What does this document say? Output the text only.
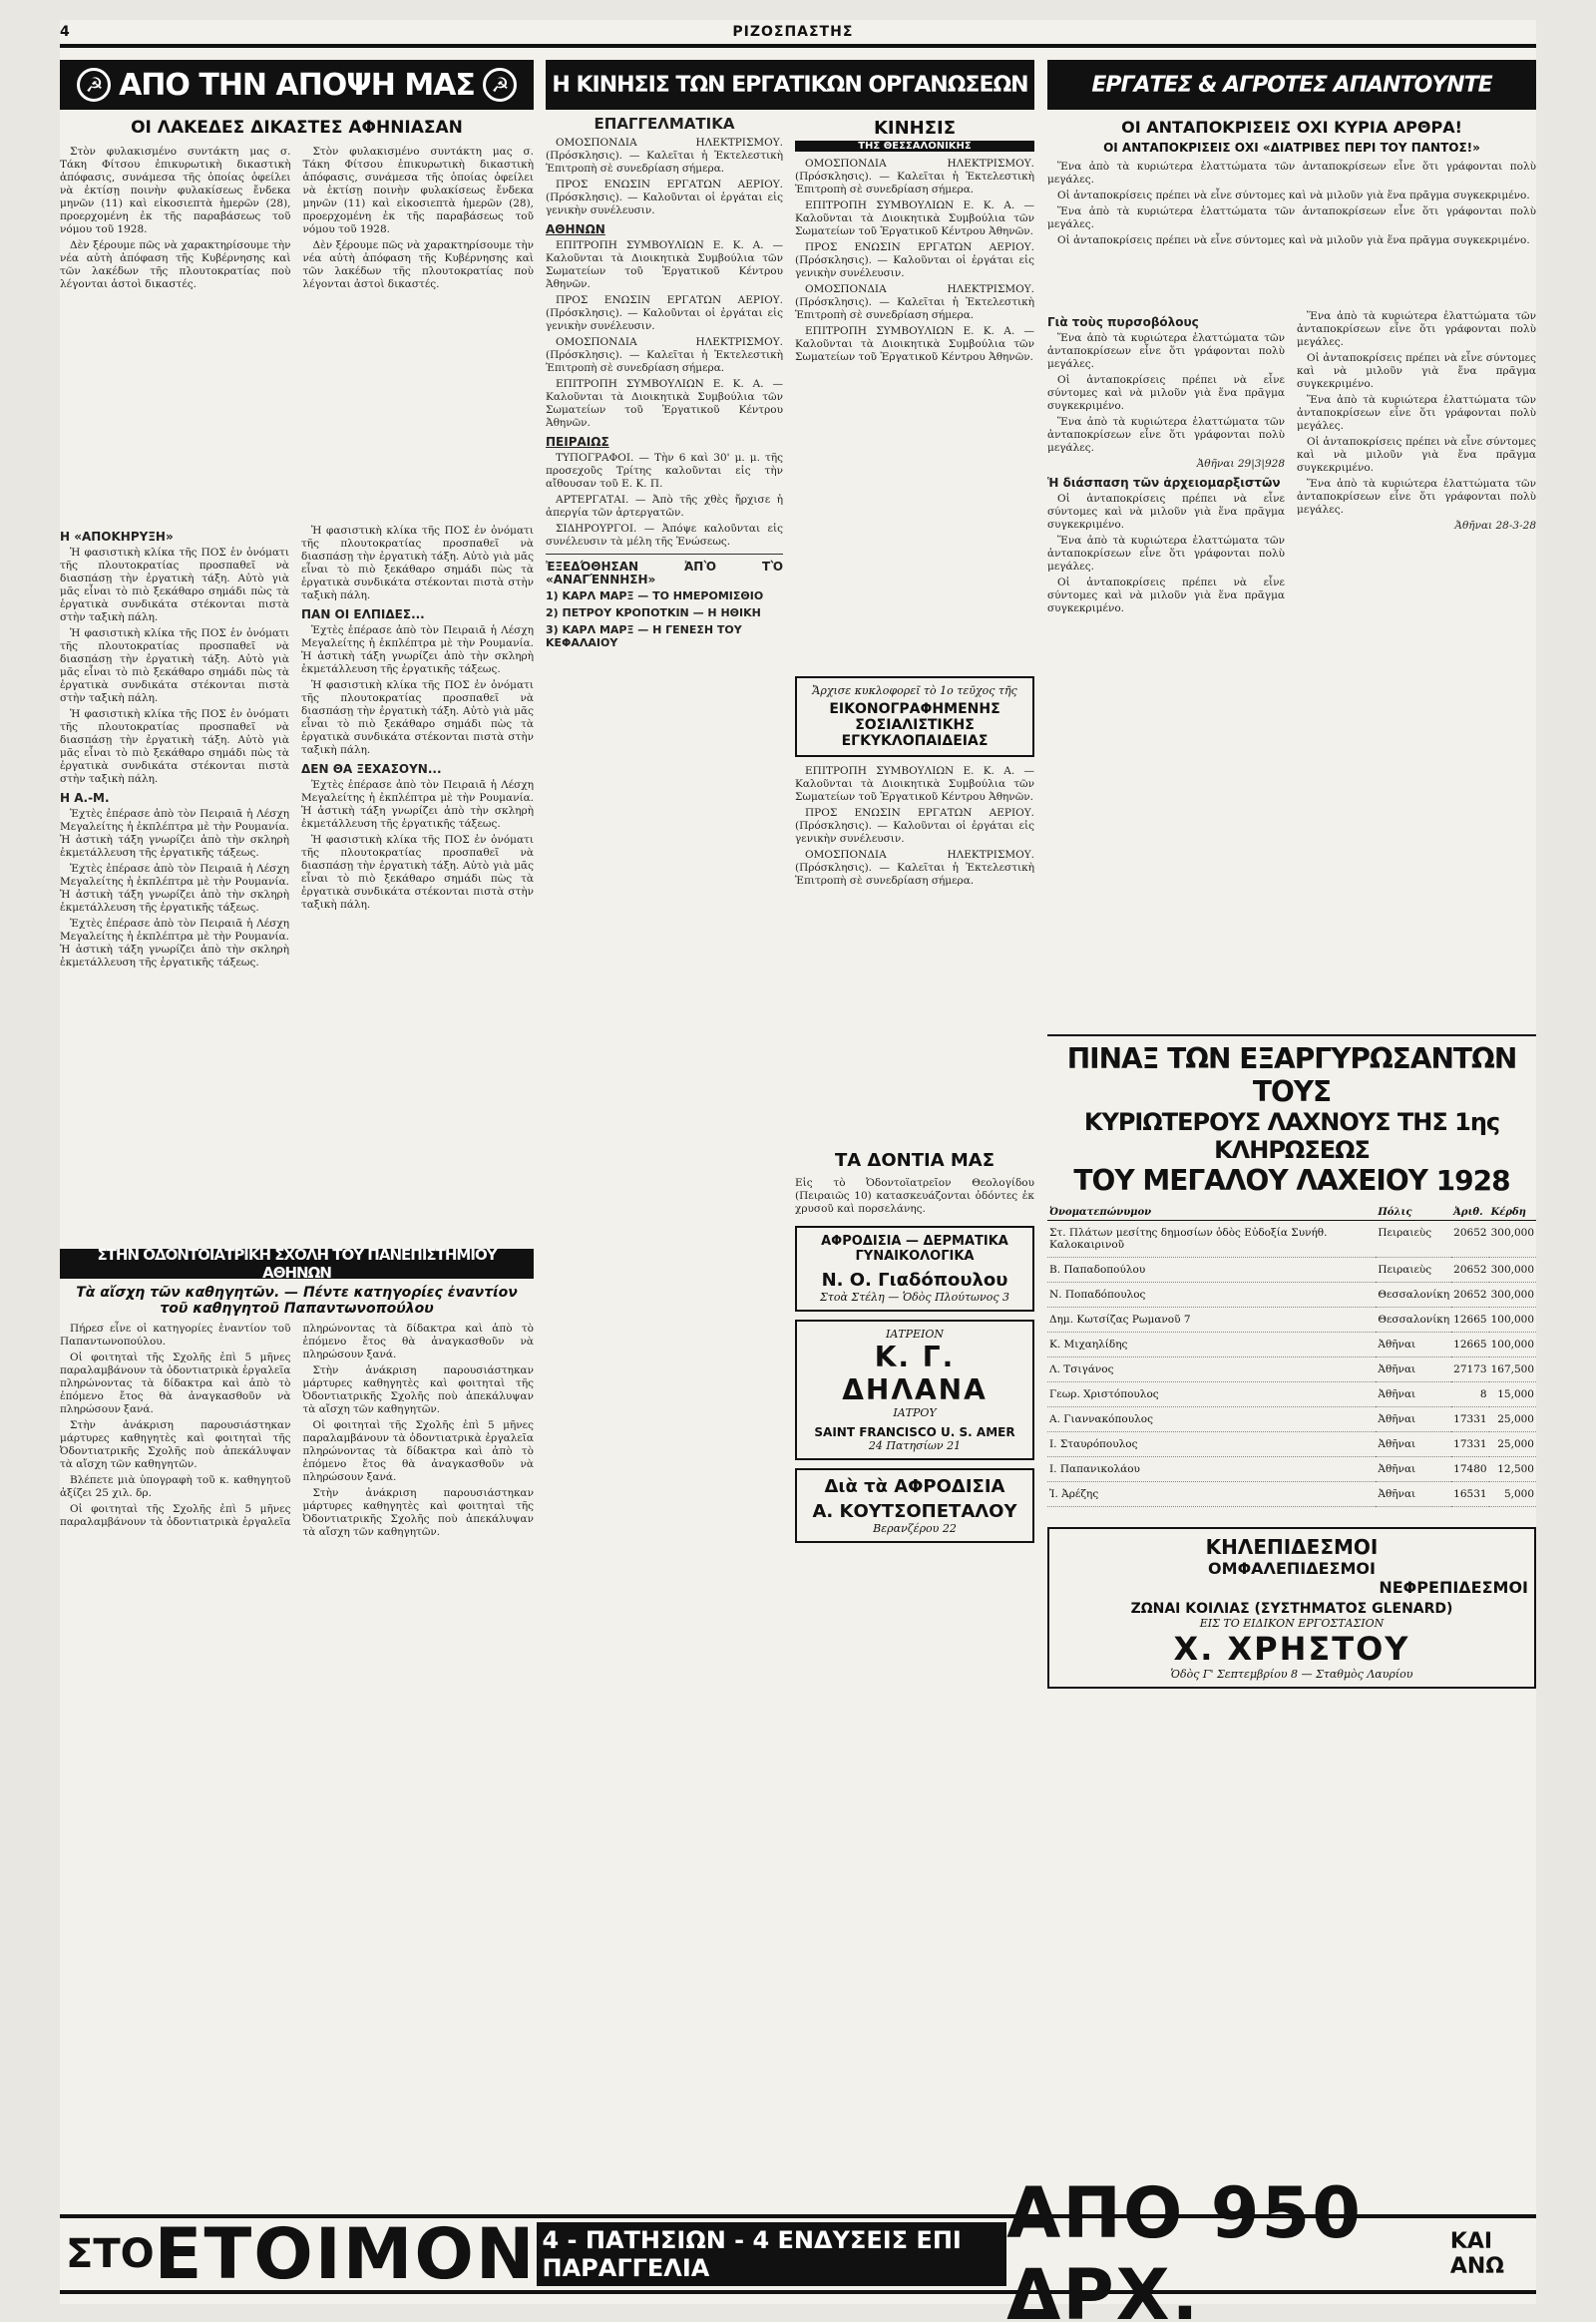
4	ΡΙΖΟΣΠΑΣΤΗΣ
☭ ΑΠΟ ΤΗΝ ΑΠΟΨΗ ΜΑΣ ☭
ΟΙ ΛΑΚΕΔΕΣ ΔΙΚΑΣΤΕΣ ΑΦΗΝΙΑΣΑΝ

Στὸν φυλακισμένο συντάκτη μας σ. Τάκη Φίτσου ἐπικυρωτικὴ δικαστικὴ ἀπόφασις, συνάμεσα τῆς ὁποίας ὀφείλει νὰ ἐκτίσῃ ποινὴν φυλακίσεως ἔνδεκα μηνῶν (11) καὶ εἰκοσιεπτὰ ἡμερῶν (28), προερχομένη ἐκ τῆς παραβάσεως τοῦ νόμου τοῦ 1928.

Δὲν ξέρουμε πῶς νὰ χαρακτηρίσουμε τὴν νέα αὐτὴ ἀπόφαση τῆς Κυβέρνησης καὶ τῶν λακέδων τῆς πλουτοκρατίας ποὺ λέγονται ἀστοὶ δικαστές.

Στὸν φυλακισμένο συντάκτη μας σ. Τάκη Φίτσου ἐπικυρωτικὴ δικαστικὴ ἀπόφασις, συνάμεσα τῆς ὁποίας ὀφείλει νὰ ἐκτίσῃ ποινὴν φυλακίσεως ἔνδεκα μηνῶν (11) καὶ εἰκοσιεπτὰ ἡμερῶν (28), προερχομένη ἐκ τῆς παραβάσεως τοῦ νόμου τοῦ 1928.

Δὲν ξέρουμε πῶς νὰ χαρακτηρίσουμε τὴν νέα αὐτὴ ἀπόφαση τῆς Κυβέρνησης καὶ τῶν λακέδων τῆς πλουτοκρατίας ποὺ λέγονται ἀστοὶ δικαστές.

Η «ΑΠΟΚΗΡΥΞΗ»

Ἡ φασιστικὴ κλίκα τῆς ΠΟΣ ἐν ὀνόματι τῆς πλουτοκρατίας προσπαθεῖ νὰ διασπάσῃ τὴν ἐργατικὴ τάξη. Αὐτὸ γιὰ μᾶς εἶναι τὸ πιὸ ξεκάθαρο σημάδι πὼς τὰ ἐργατικὰ συνδικάτα στέκονται πιστὰ στὴν ταξικὴ πάλη.

Ἡ φασιστικὴ κλίκα τῆς ΠΟΣ ἐν ὀνόματι τῆς πλουτοκρατίας προσπαθεῖ νὰ διασπάσῃ τὴν ἐργατικὴ τάξη. Αὐτὸ γιὰ μᾶς εἶναι τὸ πιὸ ξεκάθαρο σημάδι πὼς τὰ ἐργατικὰ συνδικάτα στέκονται πιστὰ στὴν ταξικὴ πάλη.

Ἡ φασιστικὴ κλίκα τῆς ΠΟΣ ἐν ὀνόματι τῆς πλουτοκρατίας προσπαθεῖ νὰ διασπάσῃ τὴν ἐργατικὴ τάξη. Αὐτὸ γιὰ μᾶς εἶναι τὸ πιὸ ξεκάθαρο σημάδι πὼς τὰ ἐργατικὰ συνδικάτα στέκονται πιστὰ στὴν ταξικὴ πάλη.

Η Α.-Μ.

Ἐχτὲς ἐπέρασε ἀπὸ τὸν Πειραιᾶ ἡ Λέσχη Μεγαλείτης ἡ ἐκπλέπτρα μὲ τὴν Ρουμανία. Ἡ ἀστικὴ τάξη γνωρίζει ἀπὸ τὴν σκληρὴ ἐκμετάλλευση τῆς ἐργατικῆς τάξεως.

Ἐχτὲς ἐπέρασε ἀπὸ τὸν Πειραιᾶ ἡ Λέσχη Μεγαλείτης ἡ ἐκπλέπτρα μὲ τὴν Ρουμανία. Ἡ ἀστικὴ τάξη γνωρίζει ἀπὸ τὴν σκληρὴ ἐκμετάλλευση τῆς ἐργατικῆς τάξεως.

Ἐχτὲς ἐπέρασε ἀπὸ τὸν Πειραιᾶ ἡ Λέσχη Μεγαλείτης ἡ ἐκπλέπτρα μὲ τὴν Ρουμανία. Ἡ ἀστικὴ τάξη γνωρίζει ἀπὸ τὴν σκληρὴ ἐκμετάλλευση τῆς ἐργατικῆς τάξεως.

Ἡ φασιστικὴ κλίκα τῆς ΠΟΣ ἐν ὀνόματι τῆς πλουτοκρατίας προσπαθεῖ νὰ διασπάσῃ τὴν ἐργατικὴ τάξη. Αὐτὸ γιὰ μᾶς εἶναι τὸ πιὸ ξεκάθαρο σημάδι πὼς τὰ ἐργατικὰ συνδικάτα στέκονται πιστὰ στὴν ταξικὴ πάλη.

ΠΑΝ ΟΙ ΕΛΠΙΔΕΣ...

Ἐχτὲς ἐπέρασε ἀπὸ τὸν Πειραιᾶ ἡ Λέσχη Μεγαλείτης ἡ ἐκπλέπτρα μὲ τὴν Ρουμανία. Ἡ ἀστικὴ τάξη γνωρίζει ἀπὸ τὴν σκληρὴ ἐκμετάλλευση τῆς ἐργατικῆς τάξεως.

Ἡ φασιστικὴ κλίκα τῆς ΠΟΣ ἐν ὀνόματι τῆς πλουτοκρατίας προσπαθεῖ νὰ διασπάσῃ τὴν ἐργατικὴ τάξη. Αὐτὸ γιὰ μᾶς εἶναι τὸ πιὸ ξεκάθαρο σημάδι πὼς τὰ ἐργατικὰ συνδικάτα στέκονται πιστὰ στὴν ταξικὴ πάλη.

ΔΕΝ ΘΑ ΞΕΧΑΣΟΥΝ...

Ἐχτὲς ἐπέρασε ἀπὸ τὸν Πειραιᾶ ἡ Λέσχη Μεγαλείτης ἡ ἐκπλέπτρα μὲ τὴν Ρουμανία. Ἡ ἀστικὴ τάξη γνωρίζει ἀπὸ τὴν σκληρὴ ἐκμετάλλευση τῆς ἐργατικῆς τάξεως.

Ἡ φασιστικὴ κλίκα τῆς ΠΟΣ ἐν ὀνόματι τῆς πλουτοκρατίας προσπαθεῖ νὰ διασπάσῃ τὴν ἐργατικὴ τάξη. Αὐτὸ γιὰ μᾶς εἶναι τὸ πιὸ ξεκάθαρο σημάδι πὼς τὰ ἐργατικὰ συνδικάτα στέκονται πιστὰ στὴν ταξικὴ πάλη.

ΣΤΗΝ ΟΔΟΝΤΟΙΑΤΡΙΚΗ ΣΧΟΛΗ ΤΟΥ ΠΑΝΕΠΙΣΤΗΜΙΟΥ ΑΘΗΝΩΝ
Τὰ αἴσχη τῶν καθηγητῶν. — Πέντε κατηγορίες ἐναντίον τοῦ καθηγητοῦ Παπαντωνοπούλου

Πήρεσ εἶνε οἱ κατηγορίες ἐναντίον τοῦ Παπαντωνοπούλου.

Οἱ φοιτηταὶ τῆς Σχολῆς ἐπὶ 5 μῆνες παραλαμβάνουν τὰ ὀδοντιατρικὰ ἐργαλεῖα πληρώνοντας τὰ δίδακτρα καὶ ἀπὸ τὸ ἐπόμενο ἔτος θὰ ἀναγκασθοῦν νὰ πληρώσουν ξανά.

Στὴν ἀνάκριση παρουσιάστηκαν μάρτυρες καθηγητὲς καὶ φοιτηταὶ τῆς Ὀδοντιατρικῆς Σχολῆς ποὺ ἀπεκάλυψαν τὰ αἴσχη τῶν καθηγητῶν.

Βλέπετε μιὰ ὑπογραφὴ τοῦ κ. καθηγητοῦ ἀξίζει 25 χιλ. δρ.

Οἱ φοιτηταὶ τῆς Σχολῆς ἐπὶ 5 μῆνες παραλαμβάνουν τὰ ὀδοντιατρικὰ ἐργαλεῖα πληρώνοντας τὰ δίδακτρα καὶ ἀπὸ τὸ ἐπόμενο ἔτος θὰ ἀναγκασθοῦν νὰ πληρώσουν ξανά.

Στὴν ἀνάκριση παρουσιάστηκαν μάρτυρες καθηγητὲς καὶ φοιτηταὶ τῆς Ὀδοντιατρικῆς Σχολῆς ποὺ ἀπεκάλυψαν τὰ αἴσχη τῶν καθηγητῶν.

Οἱ φοιτηταὶ τῆς Σχολῆς ἐπὶ 5 μῆνες παραλαμβάνουν τὰ ὀδοντιατρικὰ ἐργαλεῖα πληρώνοντας τὰ δίδακτρα καὶ ἀπὸ τὸ ἐπόμενο ἔτος θὰ ἀναγκασθοῦν νὰ πληρώσουν ξανά.

Στὴν ἀνάκριση παρουσιάστηκαν μάρτυρες καθηγητὲς καὶ φοιτηταὶ τῆς Ὀδοντιατρικῆς Σχολῆς ποὺ ἀπεκάλυψαν τὰ αἴσχη τῶν καθηγητῶν.

Η ΚΙΝΗΣΙΣ ΤΩΝ ΕΡΓΑΤΙΚΩΝ ΟΡΓΑΝΩΣΕΩΝ
ΕΠΑΓΓΕΛΜΑΤΙΚΑ

ΟΜΟΣΠΟΝΔΙΑ ΗΛΕΚΤΡΙΣΜΟΥ. (Πρόσκλησις). — Καλεῖται ἡ Ἐκτελεστικὴ Ἐπιτροπὴ σὲ συνεδρίαση σήμερα.

ΠΡΟΣ ΕΝΩΣΙΝ ΕΡΓΑΤΩΝ ΑΕΡΙΟΥ. (Πρόσκλησις). — Καλοῦνται οἱ ἐργάται εἰς γενικὴν συνέλευσιν.

ΑΘΗΝΩΝ

ΕΠΙΤΡΟΠΗ ΣΥΜΒΟΥΛΙΩΝ Ε. Κ. Α. — Καλοῦνται τὰ Διοικητικὰ Συμβούλια τῶν Σωματείων τοῦ Ἐργατικοῦ Κέντρου Ἀθηνῶν.

ΠΡΟΣ ΕΝΩΣΙΝ ΕΡΓΑΤΩΝ ΑΕΡΙΟΥ. (Πρόσκλησις). — Καλοῦνται οἱ ἐργάται εἰς γενικὴν συνέλευσιν.

ΟΜΟΣΠΟΝΔΙΑ ΗΛΕΚΤΡΙΣΜΟΥ. (Πρόσκλησις). — Καλεῖται ἡ Ἐκτελεστικὴ Ἐπιτροπὴ σὲ συνεδρίαση σήμερα.

ΕΠΙΤΡΟΠΗ ΣΥΜΒΟΥΛΙΩΝ Ε. Κ. Α. — Καλοῦνται τὰ Διοικητικὰ Συμβούλια τῶν Σωματείων τοῦ Ἐργατικοῦ Κέντρου Ἀθηνῶν.

ΠΕΙΡΑΙΩΣ

ΤΥΠΟΓΡΑΦΟΙ. — Τὴν 6 καὶ 30' μ. μ. τῆς προσεχοῦς Τρίτης καλοῦνται εἰς τὴν αἴθουσαν τοῦ Ε. Κ. Π.

ΑΡΤΕΡΓΑΤΑΙ. — Ἀπὸ τῆς χθὲς ἤρχισε ἡ ἀπεργία τῶν ἀρτεργατῶν.

ΣΙΔΗΡΟΥΡΓΟΙ. — Ἀπόψε καλοῦνται εἰς συνέλευσιν τὰ μέλη τῆς Ἑνώσεως.

ἘΞΕΔΌΘΗΣΑΝ ἈΠῸ ΤῸ «ΑΝΑΓΈΝΝΗΣΗ»
1) ΚΑΡΛ ΜΑΡΞ — ΤΟ ΗΜΕΡΟΜΙΣΘΙΟ
2) ΠΕΤΡΟΥ ΚΡΟΠΟΤΚΙΝ — Η ΗΘΙΚΗ
3) ΚΑΡΛ ΜΑΡΞ — Η ΓΕΝΕΣΗ ΤΟΥ ΚΕΦΑΛΑΙΟΥ
ΚΙΝΗΣΙΣ
ΤΗΣ ΘΕΣΣΑΛΟΝΙΚΗΣ

ΟΜΟΣΠΟΝΔΙΑ ΗΛΕΚΤΡΙΣΜΟΥ. (Πρόσκλησις). — Καλεῖται ἡ Ἐκτελεστικὴ Ἐπιτροπὴ σὲ συνεδρίαση σήμερα.

ΕΠΙΤΡΟΠΗ ΣΥΜΒΟΥΛΙΩΝ Ε. Κ. Α. — Καλοῦνται τὰ Διοικητικὰ Συμβούλια τῶν Σωματείων τοῦ Ἐργατικοῦ Κέντρου Ἀθηνῶν.

ΠΡΟΣ ΕΝΩΣΙΝ ΕΡΓΑΤΩΝ ΑΕΡΙΟΥ. (Πρόσκλησις). — Καλοῦνται οἱ ἐργάται εἰς γενικὴν συνέλευσιν.

ΟΜΟΣΠΟΝΔΙΑ ΗΛΕΚΤΡΙΣΜΟΥ. (Πρόσκλησις). — Καλεῖται ἡ Ἐκτελεστικὴ Ἐπιτροπὴ σὲ συνεδρίαση σήμερα.

ΕΠΙΤΡΟΠΗ ΣΥΜΒΟΥΛΙΩΝ Ε. Κ. Α. — Καλοῦνται τὰ Διοικητικὰ Συμβούλια τῶν Σωματείων τοῦ Ἐργατικοῦ Κέντρου Ἀθηνῶν.

Ἄρχισε κυκλοφορεῖ τὸ 1ο τεῦχος τῆς
ΕΙΚΟΝΟΓΡΑΦΗΜΕΝΗΣ ΣΟΣΙΑΛΙΣΤΙΚΗΣ ΕΓΚΥΚΛΟΠΑΙΔΕΙΑΣ

ΕΠΙΤΡΟΠΗ ΣΥΜΒΟΥΛΙΩΝ Ε. Κ. Α. — Καλοῦνται τὰ Διοικητικὰ Συμβούλια τῶν Σωματείων τοῦ Ἐργατικοῦ Κέντρου Ἀθηνῶν.

ΠΡΟΣ ΕΝΩΣΙΝ ΕΡΓΑΤΩΝ ΑΕΡΙΟΥ. (Πρόσκλησις). — Καλοῦνται οἱ ἐργάται εἰς γενικὴν συνέλευσιν.

ΟΜΟΣΠΟΝΔΙΑ ΗΛΕΚΤΡΙΣΜΟΥ. (Πρόσκλησις). — Καλεῖται ἡ Ἐκτελεστικὴ Ἐπιτροπὴ σὲ συνεδρίαση σήμερα.

ΤΑ ΔΟΝΤΙΑ ΜΑΣ
Εἰς τὸ Ὀδοντοϊατρεῖον Θεολογίδου (Πειραιῶς 10) κατασκευάζονται ὀδόντες ἐκ χρυσοῦ καὶ πορσελάνης.
ΑΦΡΟΔΙΣΙΑ — ΔΕΡΜΑΤΙΚΑ
ΓΥΝΑΙΚΟΛΟΓΙΚΑ
Ν. Ο. Γιαδόπουλου
Στοὰ Στέλη — Ὁδὸς Πλούτωνος 3
ΙΑΤΡΕΙΟΝ
Κ. Γ. ΔΗΛΑΝΑ
ΙΑΤΡΟΥ
SAINT FRANCISCO U. S. AMER
24 Πατησίων 21
Διὰ τὰ ΑΦΡΟΔΙΣΙΑ
Α. ΚΟΥΤΣΟΠΕΤΑΛΟΥ
Βερανζέρου 22
ΕΡΓΑΤΕΣ & ΑΓΡΟΤΕΣ ΑΠΑΝΤΟΥΝΤΕ
ΟΙ ΑΝΤΑΠΟΚΡΙΣΕΙΣ ΟΧΙ ΚΥΡΙΑ ΑΡΘΡΑ!
ΟΙ ΑΝΤΑΠΟΚΡΙΣΕΙΣ ΟΧΙ «ΔΙΑΤΡΙΒΕΣ ΠΕΡΙ ΤΟΥ ΠΑΝΤΟΣ!»

Ἕνα ἀπὸ τὰ κυριώτερα ἐλαττώματα τῶν ἀνταποκρίσεων εἶνε ὅτι γράφονται πολὺ μεγάλες.

Οἱ ἀνταποκρίσεις πρέπει νὰ εἶνε σύντομες καὶ νὰ μιλοῦν γιὰ ἕνα πρᾶγμα συγκεκριμένο.

Ἕνα ἀπὸ τὰ κυριώτερα ἐλαττώματα τῶν ἀνταποκρίσεων εἶνε ὅτι γράφονται πολὺ μεγάλες.

Οἱ ἀνταποκρίσεις πρέπει νὰ εἶνε σύντομες καὶ νὰ μιλοῦν γιὰ ἕνα πρᾶγμα συγκεκριμένο.

Γιὰ τοὺς πυρσοβόλους

Ἕνα ἀπὸ τὰ κυριώτερα ἐλαττώματα τῶν ἀνταποκρίσεων εἶνε ὅτι γράφονται πολὺ μεγάλες.

Οἱ ἀνταποκρίσεις πρέπει νὰ εἶνε σύντομες καὶ νὰ μιλοῦν γιὰ ἕνα πρᾶγμα συγκεκριμένο.

Ἕνα ἀπὸ τὰ κυριώτερα ἐλαττώματα τῶν ἀνταποκρίσεων εἶνε ὅτι γράφονται πολὺ μεγάλες.

Ἀθῆναι 29|3|928

Ἡ διάσπαση τῶν ἀρχειομαρξιστῶν

Οἱ ἀνταποκρίσεις πρέπει νὰ εἶνε σύντομες καὶ νὰ μιλοῦν γιὰ ἕνα πρᾶγμα συγκεκριμένο.

Ἕνα ἀπὸ τὰ κυριώτερα ἐλαττώματα τῶν ἀνταποκρίσεων εἶνε ὅτι γράφονται πολὺ μεγάλες.

Οἱ ἀνταποκρίσεις πρέπει νὰ εἶνε σύντομες καὶ νὰ μιλοῦν γιὰ ἕνα πρᾶγμα συγκεκριμένο.

Ἕνα ἀπὸ τὰ κυριώτερα ἐλαττώματα τῶν ἀνταποκρίσεων εἶνε ὅτι γράφονται πολὺ μεγάλες.

Οἱ ἀνταποκρίσεις πρέπει νὰ εἶνε σύντομες καὶ νὰ μιλοῦν γιὰ ἕνα πρᾶγμα συγκεκριμένο.

Ἕνα ἀπὸ τὰ κυριώτερα ἐλαττώματα τῶν ἀνταποκρίσεων εἶνε ὅτι γράφονται πολὺ μεγάλες.

Οἱ ἀνταποκρίσεις πρέπει νὰ εἶνε σύντομες καὶ νὰ μιλοῦν γιὰ ἕνα πρᾶγμα συγκεκριμένο.

Ἕνα ἀπὸ τὰ κυριώτερα ἐλαττώματα τῶν ἀνταποκρίσεων εἶνε ὅτι γράφονται πολὺ μεγάλες.

Ἀθῆναι 28-3-28

ΠΙΝΑΞ ΤΩΝ ΕΞΑΡΓΥΡΩΣΑΝΤΩΝ ΤΟΥΣ
ΚΥΡΙΩΤΕΡΟΥΣ ΛΑΧΝΟΥΣ ΤΗΣ 1ης ΚΛΗΡΩΣΕΩΣ
ΤΟΥ ΜΕΓΑΛΟΥ ΛΑΧΕΙΟΥ 1928
Ὀνοματεπώνυμον	Πόλις	Ἀριθ.	Κέρδη
Στ. Πλάτων μεσίτης δημοσίων ὁδὸς Εὐδοξία Συνήθ. Καλοκαιρινοῦ	Πειραιεὺς	20652	300,000
Β. Παπαδοπούλου	Πειραιεὺς	20652	300,000
Ν. Ποπαδόπουλος	Θεσσαλονίκη	20652	300,000
Δημ. Κωτσίζας Ρωμανοῦ 7	Θεσσαλονίκη	12665	100,000
Κ. Μιχαηλίδης	Ἀθῆναι	12665	100,000
Λ. Τσιγάνος	Ἀθῆναι	27173	167,500
Γεωρ. Χριστόπουλος	Ἀθῆναι	8	15,000
Α. Γιαννακόπουλος	Ἀθῆναι	17331	25,000
Ι. Σταυρόπουλος	Ἀθῆναι	17331	25,000
Ι. Παπανικολάου	Ἀθῆναι	17480	12,500
Ἰ. Ἀρέζης	Ἀθῆναι	16531	5,000
ΚΗΛΕΠΙΔΕΣΜΟΙ
ΟΜΦΑΛΕΠΙΔΕΣΜΟΙ
ΝΕΦΡΕΠΙΔΕΣΜΟΙ
ΖΩΝΑΙ ΚΟΙΛΙΑΣ (ΣΥΣΤΗΜΑΤΟΣ GLENARD)
ΕΙΣ ΤΟ ΕΙΔΙΚΟΝ ΕΡΓΟΣΤΑΣΙΟΝ
Χ. ΧΡΗΣΤΟΥ
Ὁδὸς Γ' Σεπτεμβρίου 8 — Σταθμὸς Λαυρίου
ΣΤΟ ΕΤΟΙΜΟΝ 4 - ΠΑΤΗΣΙΩΝ - 4 ΕΝΔΥΣΕΙΣ ΕΠΙ ΠΑΡΑΓΓΕΛΙΑ
ΑΠΟ 950 ΔΡΧ.
ΚΑΙ ΑΝΩ
